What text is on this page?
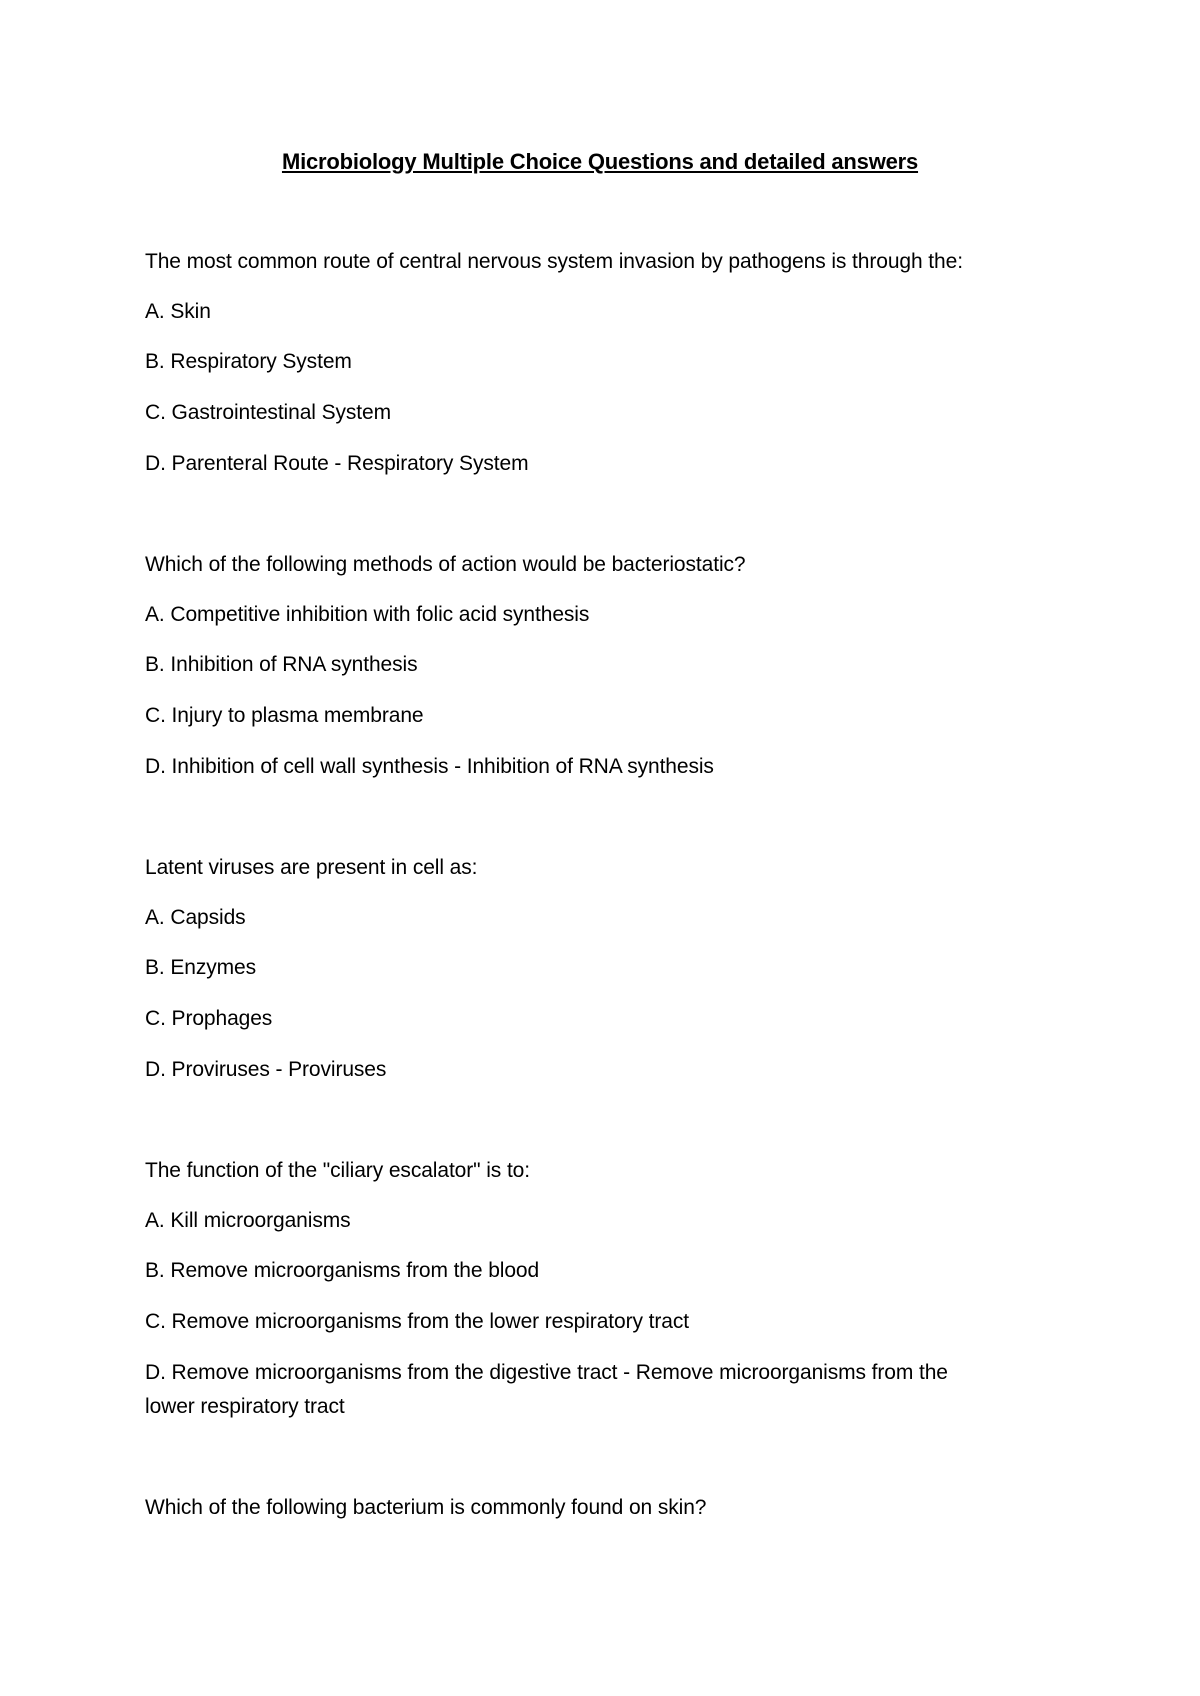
Microbiology Multiple Choice Questions and detailed answers
The most common route of central nervous system invasion by pathogens is through the:
A. Skin
B. Respiratory System
C. Gastrointestinal System
D. Parenteral Route - Respiratory System
Which of the following methods of action would be bacteriostatic?
A. Competitive inhibition with folic acid synthesis
B. Inhibition of RNA synthesis
C. Injury to plasma membrane
D. Inhibition of cell wall synthesis - Inhibition of RNA synthesis
Latent viruses are present in cell as:
A. Capsids
B. Enzymes
C. Prophages
D. Proviruses - Proviruses
The function of the "ciliary escalator" is to:
A. Kill microorganisms
B. Remove microorganisms from the blood
C. Remove microorganisms from the lower respiratory tract
D. Remove microorganisms from the digestive tract - Remove microorganisms from the
lower respiratory tract
Which of the following bacterium is commonly found on skin?
